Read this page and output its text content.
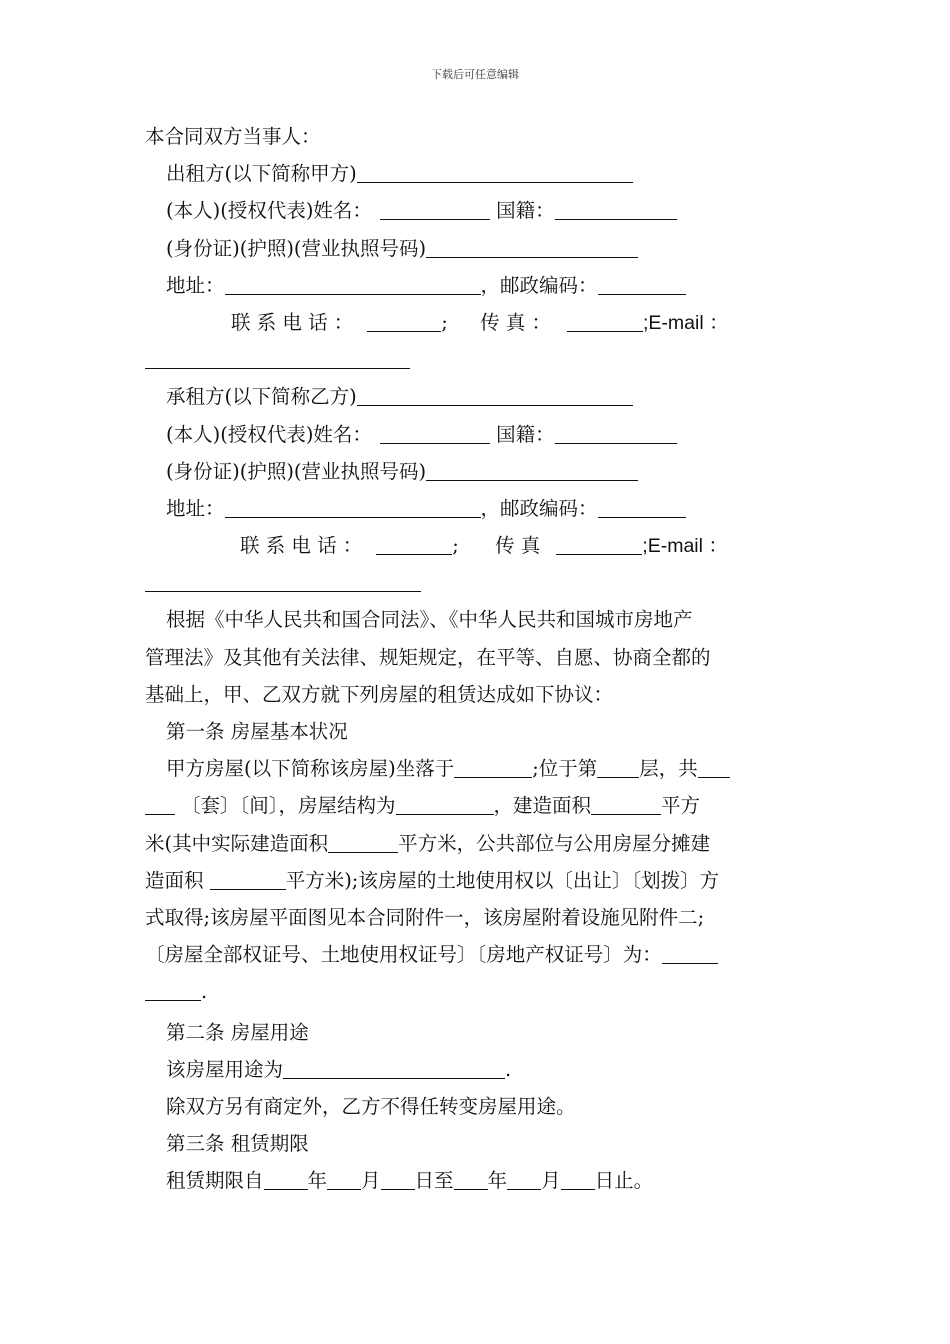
下载后可任意编辑
本合同双方当事人：
出租方(以下简称甲方)
(本人)(授权代表)姓名：	国籍：
(身份证)(护照)(营业执照号码)
地址：	，邮政编码：
联 系 电 话 ：	; 传 真 ：	;E-mail ：
承租方(以下简称乙方)
(本人)(授权代表)姓名：	国籍：
(身份证)(护照)(营业执照号码)
地址：	，邮政编码：
联 系 电 话 ：	; 传 真	;E-mail ：
根据《中华人民共和国合同法》、《中华人民共和国城市房地产
管理法》及其他有关法律、规矩规定，在平等、自愿、协商全都的
基础上，甲、乙双方就下列房屋的租赁达成如下协议：
第一条 房屋基本状况
甲方房屋(以下简称该房屋)坐落于	;位于第 层，共
〔套〕〔间〕，房屋结构为	，建造面积	平方
米(其中实际建造面积	平方米，公共部位与公用房屋分摊建
造面积	平方米);该房屋的土地使用权以〔出让〕〔划拨〕方
式取得;该房屋平面图见本合同附件一，该房屋附着设施见附件二;
〔房屋全部权证号、土地使用权证号〕〔房地产权证号〕为：
.
第二条 房屋用途
该房屋用途为	.
除双方另有商定外，乙方不得任转变房屋用途。
第三条 租赁期限
租赁期限自 年 月 日至 年 月 日止。
